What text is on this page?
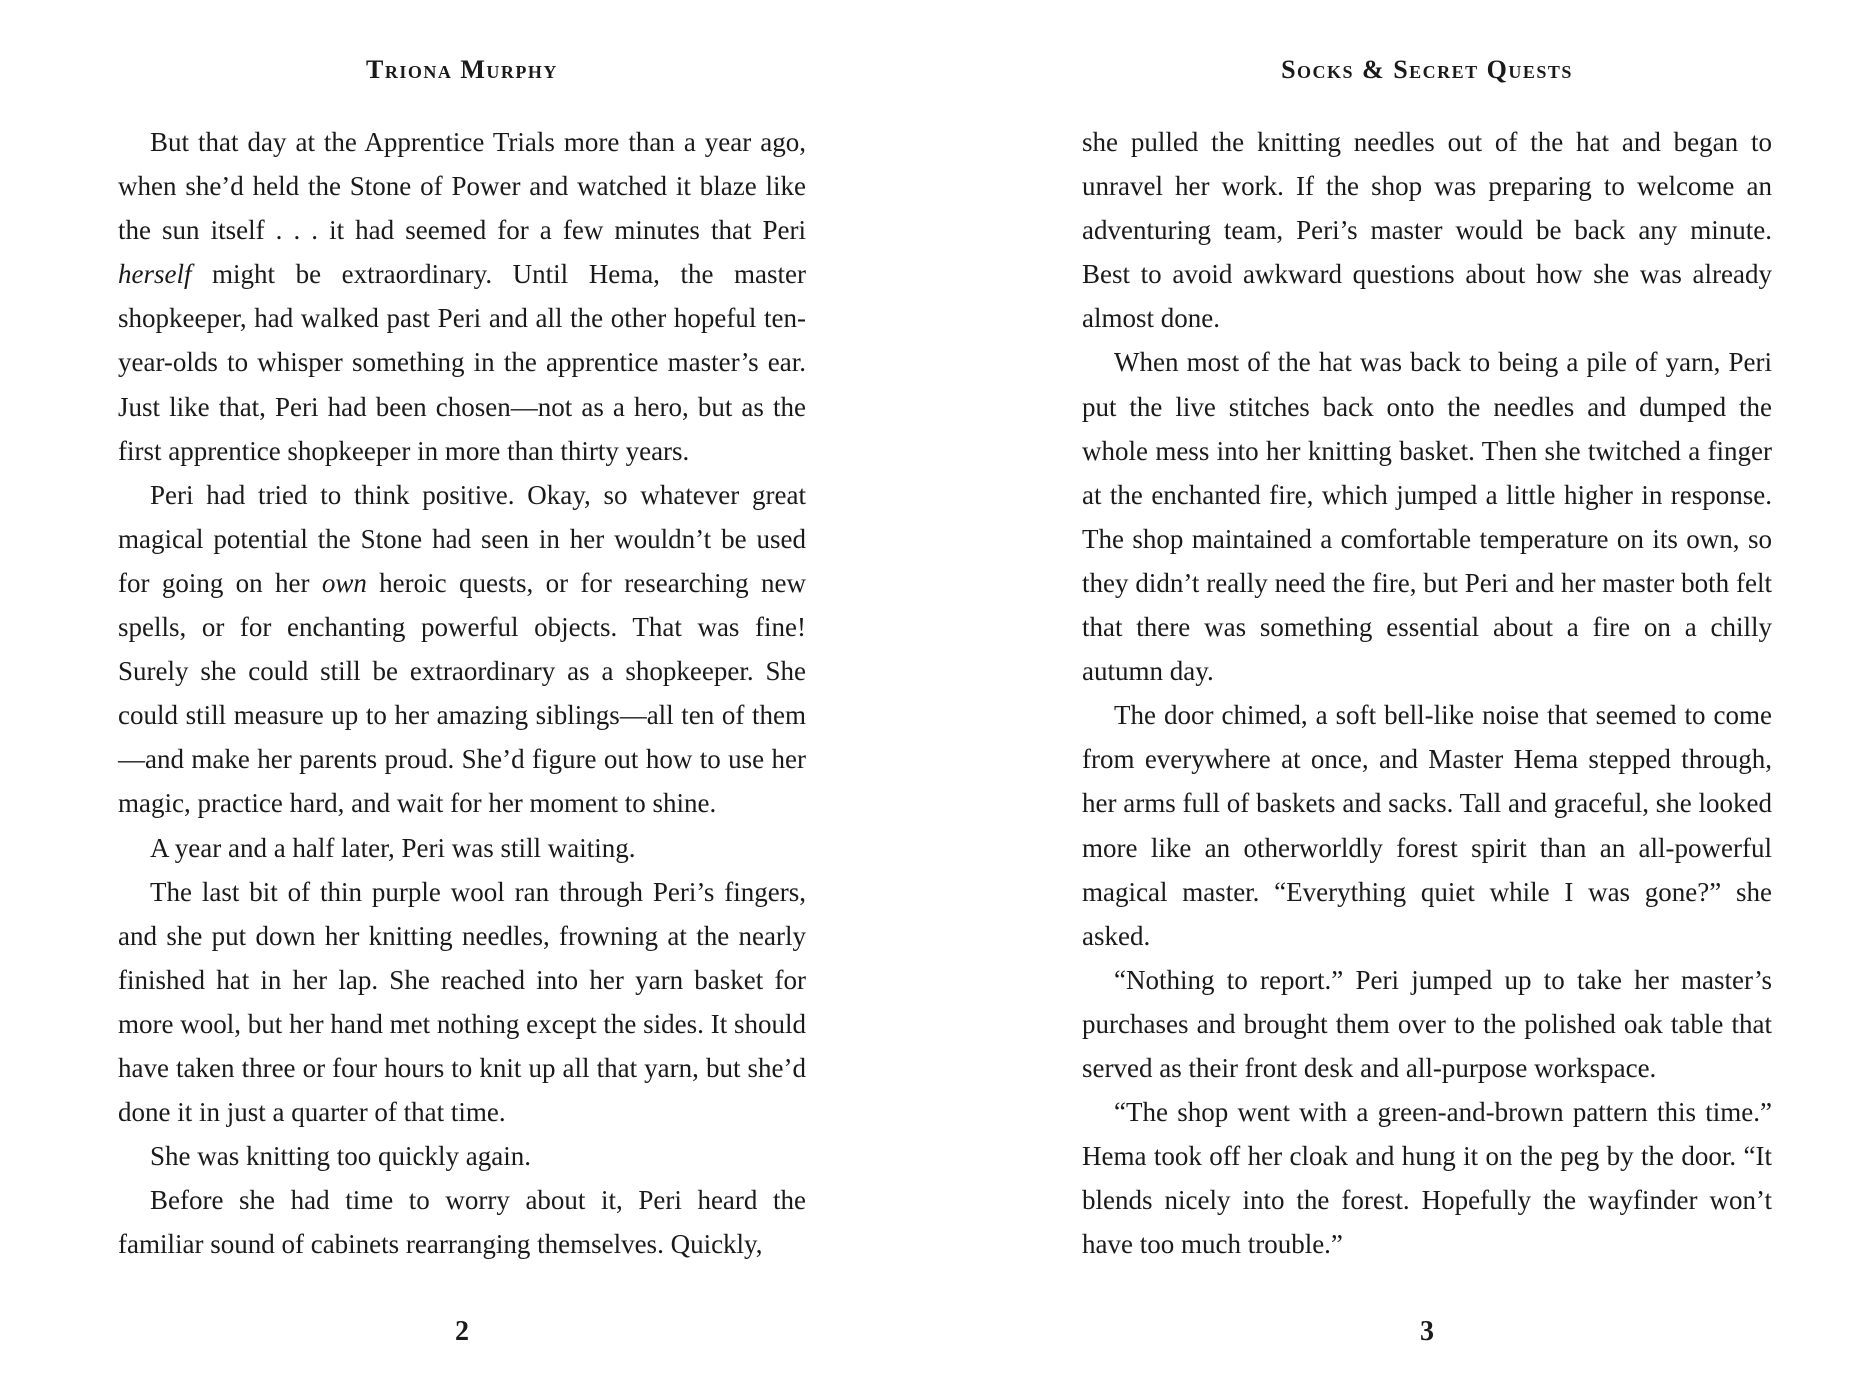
Triona Murphy

But that day at the Apprentice Trials more than a year ago, when she’d held the Stone of Power and watched it blaze like the sun itself . . . it had seemed for a few minutes that Peri herself might be extraordinary. Until Hema, the master shopkeeper, had walked past Peri and all the other hopeful ten-year-olds to whisper something in the apprentice master’s ear. Just like that, Peri had been chosen—not as a hero, but as the first apprentice shopkeeper in more than thirty years.

Peri had tried to think positive. Okay, so whatever great magical potential the Stone had seen in her wouldn’t be used for going on her own heroic quests, or for researching new spells, or for enchanting powerful objects. That was fine! Surely she could still be extraordinary as a shopkeeper. She could still measure up to her amazing siblings—all ten of them—and make her parents proud. She’d figure out how to use her magic, practice hard, and wait for her moment to shine.

A year and a half later, Peri was still waiting.

The last bit of thin purple wool ran through Peri’s fingers, and she put down her knitting needles, frowning at the nearly finished hat in her lap. She reached into her yarn basket for more wool, but her hand met nothing except the sides. It should have taken three or four hours to knit up all that yarn, but she’d done it in just a quarter of that time.

She was knitting too quickly again.

Before she had time to worry about it, Peri heard the familiar sound of cabinets rearranging themselves. Quickly,

2
Socks & Secret Quests

she pulled the knitting needles out of the hat and began to unravel her work. If the shop was preparing to welcome an adventuring team, Peri’s master would be back any minute. Best to avoid awkward questions about how she was already almost done.

When most of the hat was back to being a pile of yarn, Peri put the live stitches back onto the needles and dumped the whole mess into her knitting basket. Then she twitched a finger at the enchanted fire, which jumped a little higher in response. The shop maintained a comfortable temperature on its own, so they didn’t really need the fire, but Peri and her master both felt that there was something essential about a fire on a chilly autumn day.

The door chimed, a soft bell-like noise that seemed to come from everywhere at once, and Master Hema stepped through, her arms full of baskets and sacks. Tall and graceful, she looked more like an otherworldly forest spirit than an all-powerful magical master. “Everything quiet while I was gone?” she asked.

“Nothing to report.” Peri jumped up to take her master’s purchases and brought them over to the polished oak table that served as their front desk and all-purpose workspace.

“The shop went with a green-and-brown pattern this time.” Hema took off her cloak and hung it on the peg by the door. “It blends nicely into the forest. Hopefully the wayfinder won’t have too much trouble.”

3
